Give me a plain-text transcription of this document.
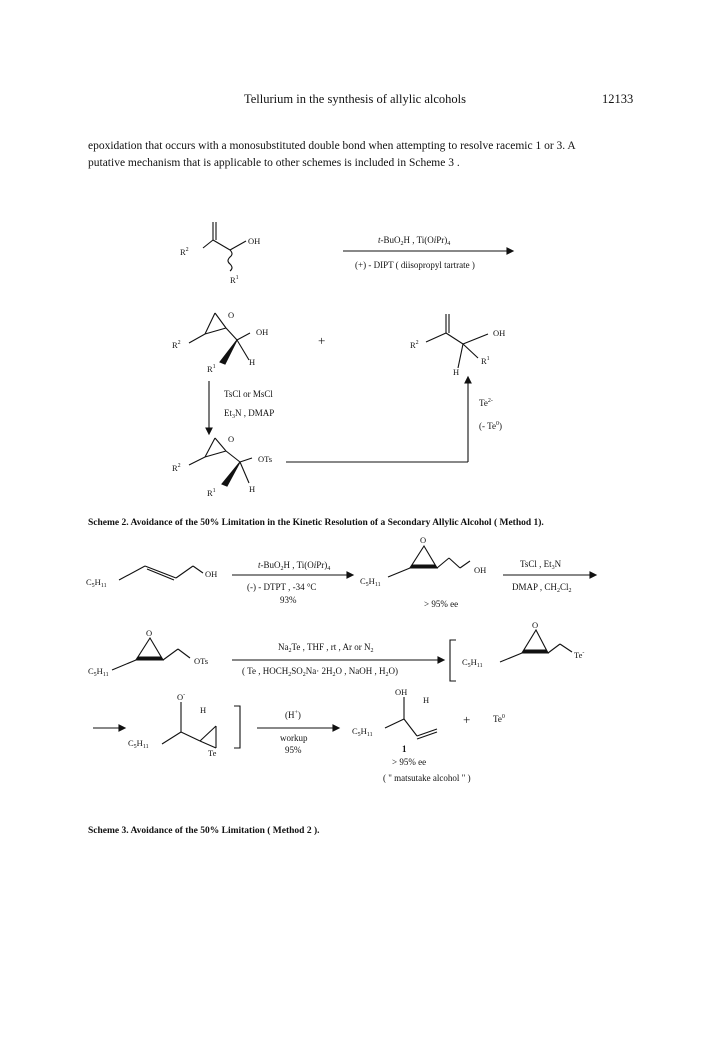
Tellurium in the synthesis of allylic alcohols	12133
epoxidation that occurs with a monosubstituted double bond when attempting to resolve racemic 1 or 3. A
putative mechanism that is applicable to other schemes is included in Scheme 3 .
$R^2$
OH
$R^1$
t-BuO$_2$H , $Ti(OiPr)_4$
(+) - DIPT ( diisopropyl tartrate )
$R^2$
O
OH
$R^1$	H
+	$R^2$
OH
H
$R^1$
TsCl or MsCl
$Et_3N$ , DMAP
$Te^{2-}$
(- Te$^0$)
$R^2$
O
OTs
$R^1$	H
Scheme 2. Avoidance of the 50% Limitation in the Kinetic Resolution of a Secondary Allylic Alcohol ( Method 1).
$C_5H_{11}$
OH
t-BuO$_2$H , $Ti(OiPr)_4$
(-) - DTPT , -34 °C
93%
$C_5H_{11}$
O
OH
> 95% ee
TsCl , $Et_3N$
DMAP , $CH_2Cl_2$
$C_5H_{11}$
O
OTs
$Na_2Te$ , THF , rt , Ar or $N_2$
( Te , $HOCH_2SO_2Na\cdot 2H_2O$ , NaOH , $H_2O$)
$C_5H_{11}$
O
Te-
$C_5H_{11}$
O-
H
Te
(H+)
workup
95%
OH
H
$C_5H_{11}$
1
> 95% ee
( " matsutake alcohol " )
+	$Te^0$
Scheme 3. Avoidance of the 50% Limitation ( Method 2 ).
